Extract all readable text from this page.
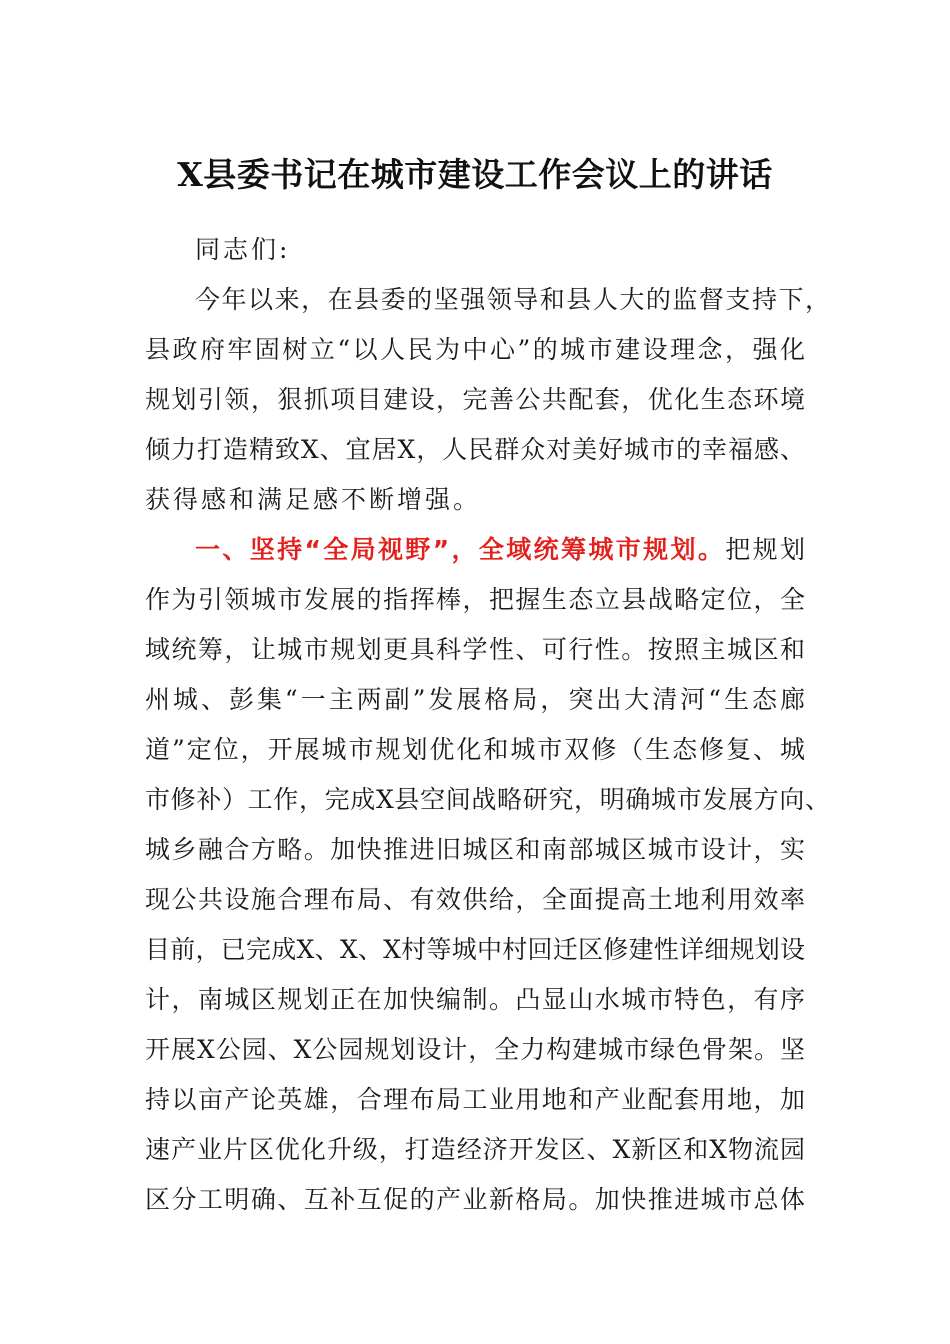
X县委书记在城市建设工作会议上的讲话
同志们:
今年以来，在县委的坚强领导和县人大的监督支持下，
县政府牢固树立“以人民为中心”的城市建设理念，强化
规划引领，狠抓项目建设，完善公共配套，优化生态环境
倾力打造精致X、宜居X，人民群众对美好城市的幸福感、
获得感和满足感不断增强。
一、坚持“全局视野”，全域统筹城市规划。把规划
作为引领城市发展的指挥棒，把握生态立县战略定位，全
域统筹，让城市规划更具科学性、可行性。按照主城区和
州城、彭集“一主两副”发展格局，突出大清河“生态廊
道”定位，开展城市规划优化和城市双修（生态修复、城
市修补）工作，完成X县空间战略研究，明确城市发展方向、
城乡融合方略。加快推进旧城区和南部城区城市设计，实
现公共设施合理布局、有效供给，全面提高土地利用效率
目前，已完成X、X、X村等城中村回迁区修建性详细规划设
计，南城区规划正在加快编制。凸显山水城市特色，有序
开展X公园、X公园规划设计，全力构建城市绿色骨架。坚
持以亩产论英雄，合理布局工业用地和产业配套用地，加
速产业片区优化升级，打造经济开发区、X新区和X物流园
区分工明确、互补互促的产业新格局。加快推进城市总体
